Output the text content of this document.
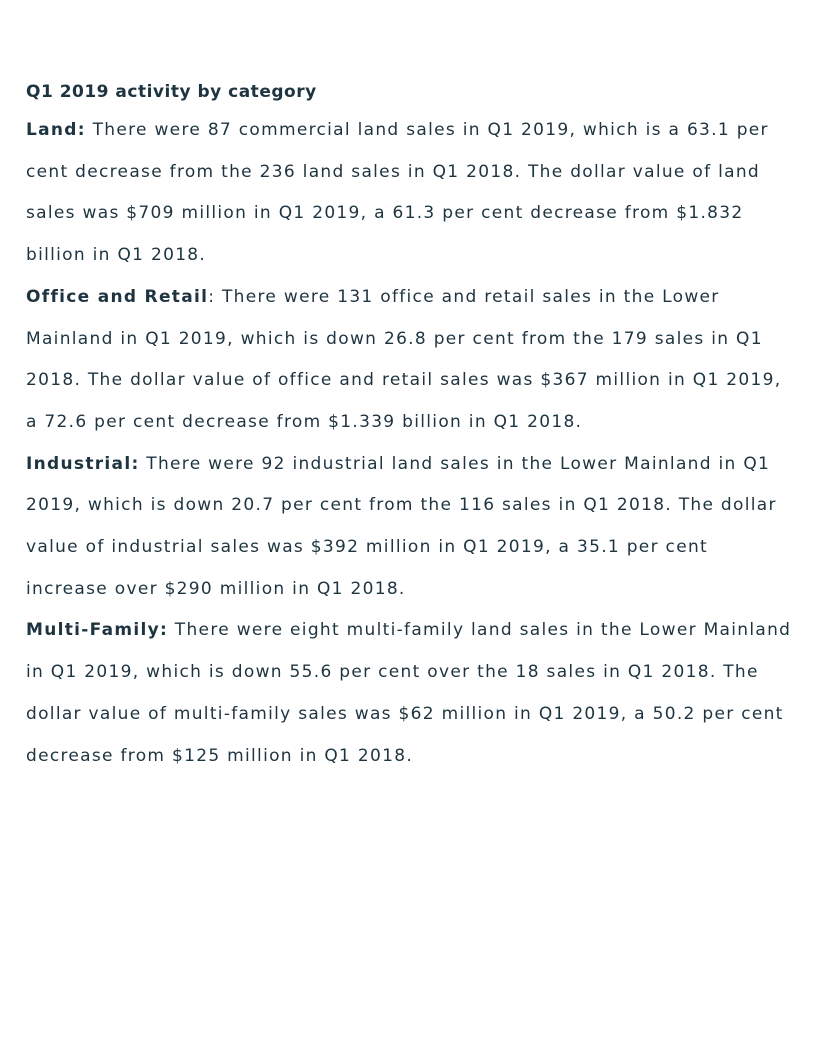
Q1 2019 activity by category

Land: There were 87 commercial land sales in Q1 2019, which is a 63.1 per cent decrease from the 236 land sales in Q1 2018. The dollar value of land sales was $709 million in Q1 2019, a 61.3 per cent decrease from $1.832 billion in Q1 2018.

Office and Retail: There were 131 office and retail sales in the Lower Mainland in Q1 2019, which is down 26.8 per cent from the 179 sales in Q1 2018. The dollar value of office and retail sales was $367 million in Q1 2019, a 72.6 per cent decrease from $1.339 billion in Q1 2018.

Industrial: There were 92 industrial land sales in the Lower Mainland in Q1 2019, which is down 20.7 per cent from the 116 sales in Q1 2018. The dollar value of industrial sales was $392 million in Q1 2019, a 35.1 per cent increase over $290 million in Q1 2018.

Multi-Family: There were eight multi-family land sales in the Lower Mainland in Q1 2019, which is down 55.6 per cent over the 18 sales in Q1 2018. The dollar value of multi-family sales was $62 million in Q1 2019, a 50.2 per cent decrease from $125 million in Q1 2018.
